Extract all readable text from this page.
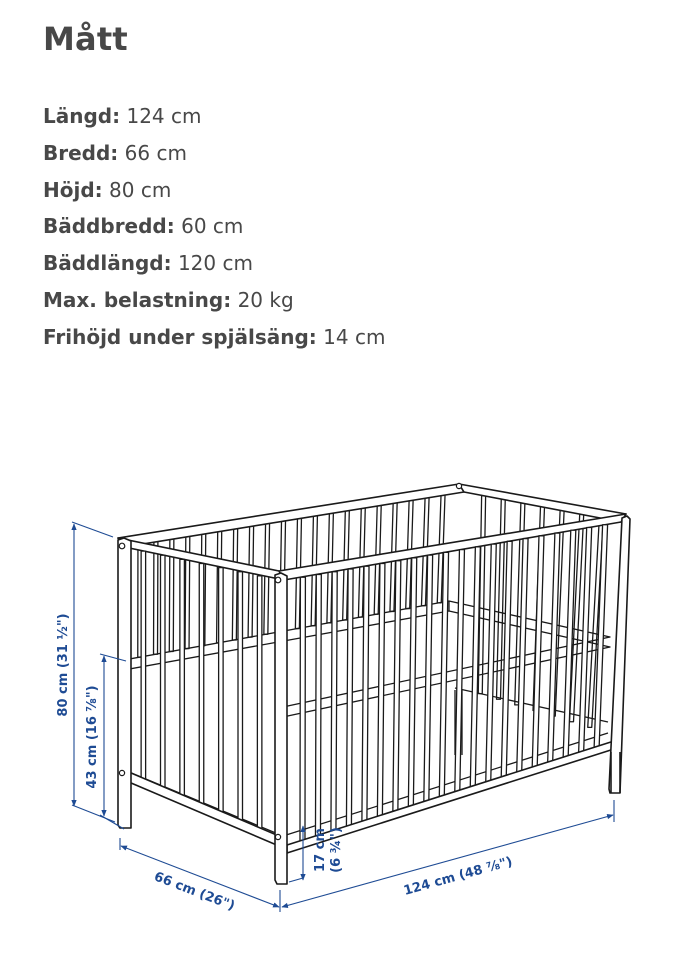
Mått
Längd: 124 cm
Bredd: 66 cm
Höjd: 80 cm
Bäddbredd: 60 cm
Bäddlängd: 120 cm
Max. belastning: 20 kg
Frihöjd under spjälsäng: 14 cm
80 cm (31 ½")
43 cm (16 ⅞")
17 cm (6 ¾")
66 cm (26")	124 cm (48 ⅞")
